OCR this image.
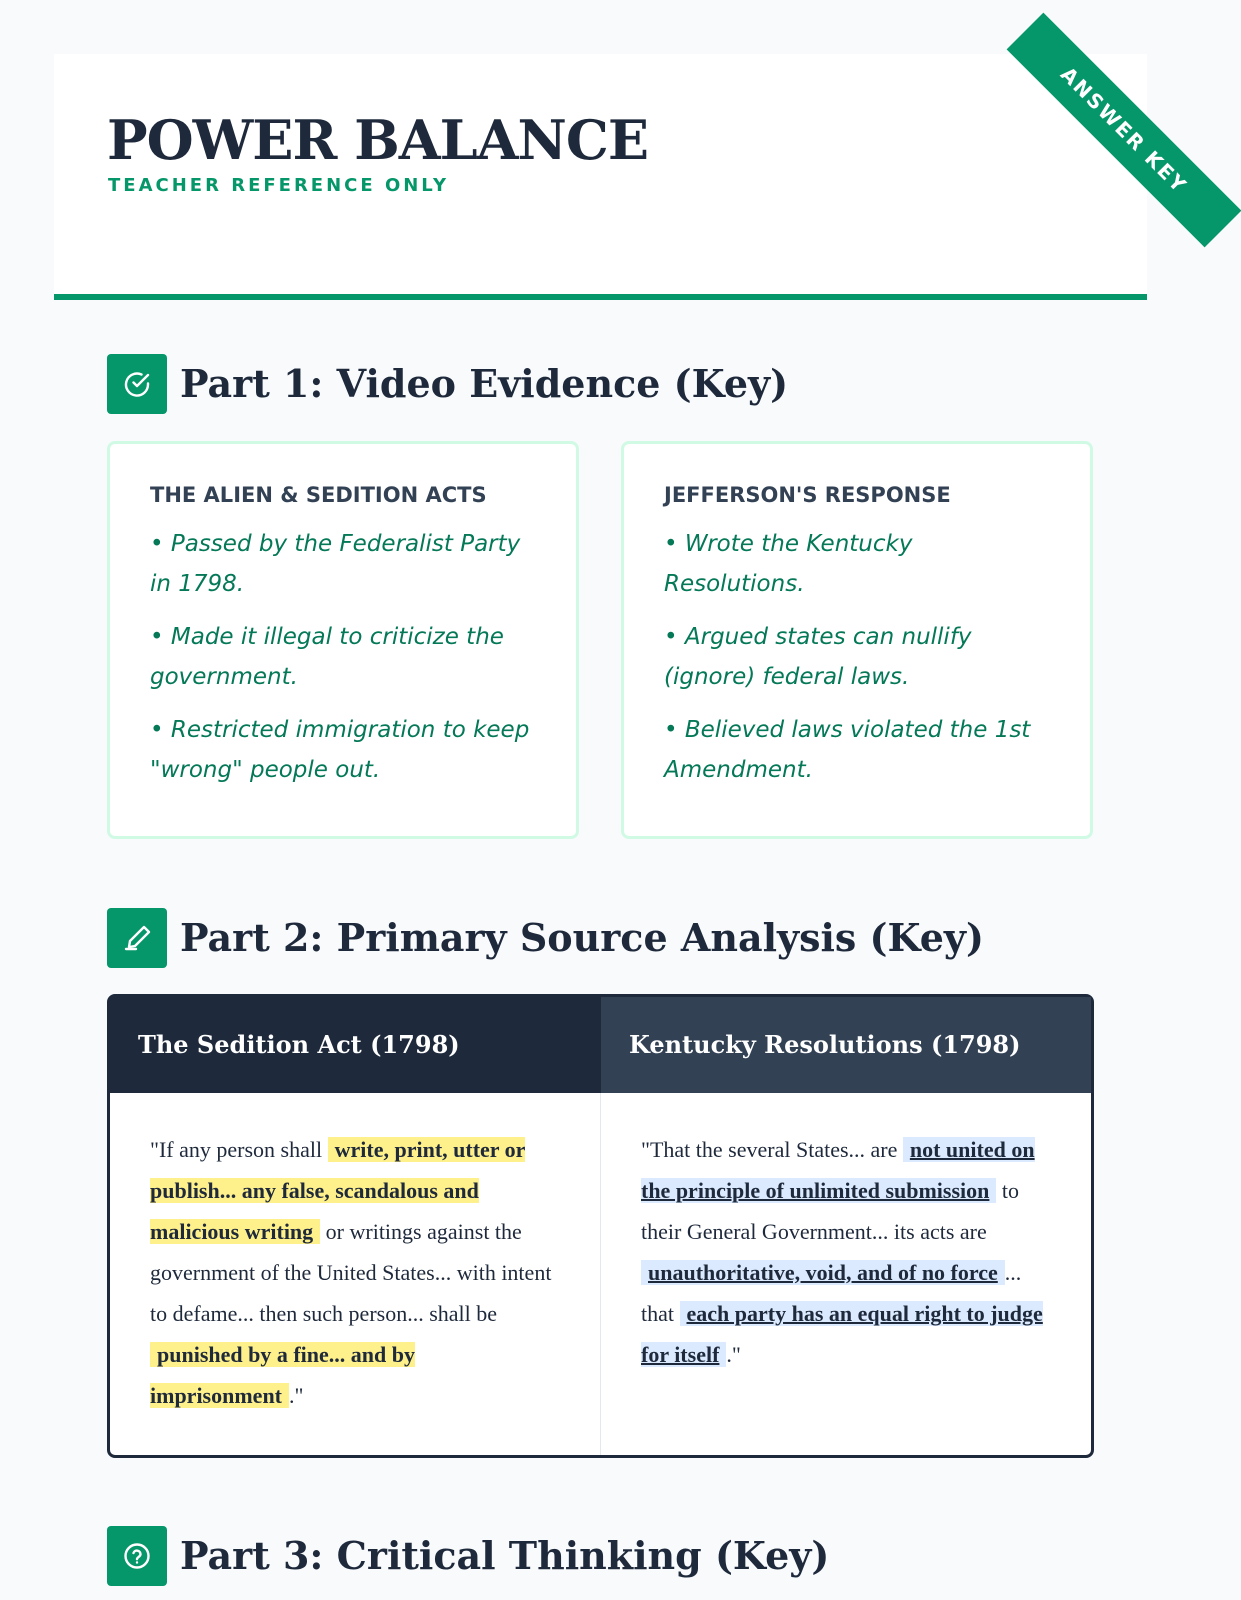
POWER BALANCE
TEACHER REFERENCE ONLY	ANSWER KEY
Part 1: Video Evidence (Key)
THE ALIEN & SEDITION ACTS
• Passed by the Federalist Party in 1798.
• Made it illegal to criticize the government.
• Restricted immigration to keep "wrong" people out.
JEFFERSON'S RESPONSE
• Wrote the Kentucky Resolutions.
• Argued states can nullify (ignore) federal laws.
• Believed laws violated the 1st Amendment.
Part 2: Primary Source Analysis (Key)
The Sedition Act (1798)	Kentucky Resolutions (1798)
"If any person shall write, print, utter or publish... any false, scandalous and malicious writing or writings against the government of the United States... with intent to defame... then such person... shall be punished by a fine... and by imprisonment ."
"That the several States... are not united on the principle of unlimited submission to their General Government... its acts are unauthoritative, void, and of no force ... that each party has an equal right to judge for itself ."
Part 3: Critical Thinking (Key)
